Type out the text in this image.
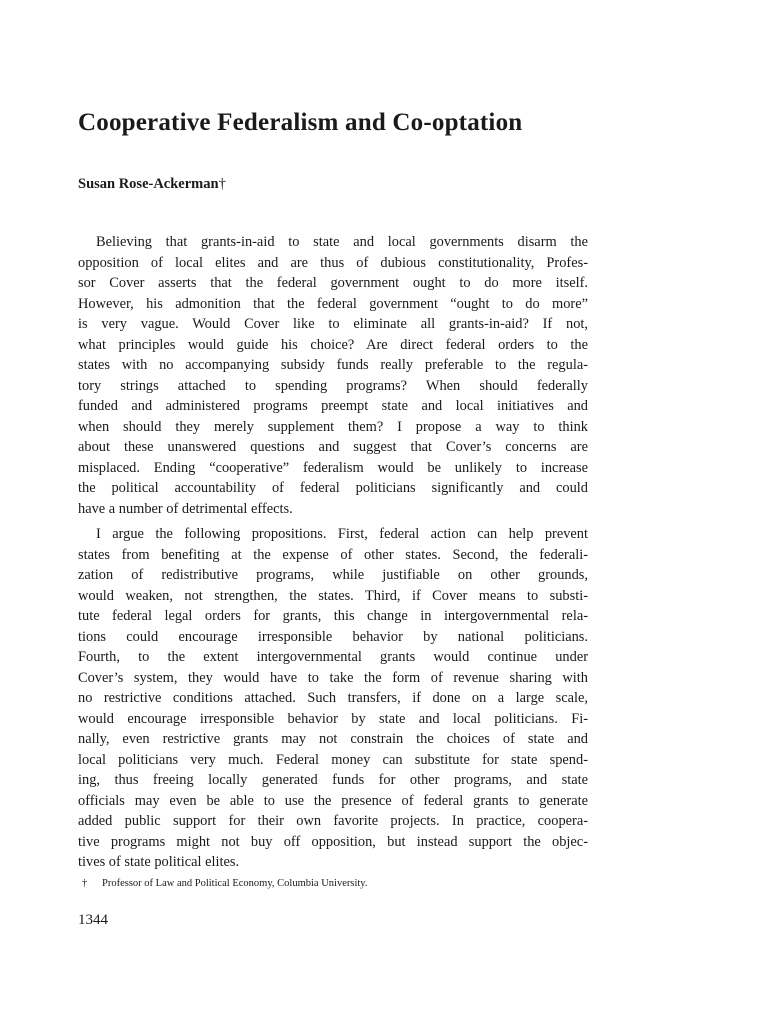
Cooperative Federalism and Co-optation

Susan Rose-Ackerman†

Believing that grants-in-aid to state and local governments disarm the
opposition of local elites and are thus of dubious constitutionality, Profes-
sor Cover asserts that the federal government ought to do more itself.
However, his admonition that the federal government “ought to do more”
is very vague. Would Cover like to eliminate all grants-in-aid? If not,
what principles would guide his choice? Are direct federal orders to the
states with no accompanying subsidy funds really preferable to the regula-
tory strings attached to spending programs? When should federally
funded and administered programs preempt state and local initiatives and
when should they merely supplement them? I propose a way to think
about these unanswered questions and suggest that Cover’s concerns are
misplaced. Ending “cooperative” federalism would be unlikely to increase
the political accountability of federal politicians significantly and could
have a number of detrimental effects.

I argue the following propositions. First, federal action can help prevent
states from benefiting at the expense of other states. Second, the federali-
zation of redistributive programs, while justifiable on other grounds,
would weaken, not strengthen, the states. Third, if Cover means to substi-
tute federal legal orders for grants, this change in intergovernmental rela-
tions could encourage irresponsible behavior by national politicians.
Fourth, to the extent intergovernmental grants would continue under
Cover’s system, they would have to take the form of revenue sharing with
no restrictive conditions attached. Such transfers, if done on a large scale,
would encourage irresponsible behavior by state and local politicians. Fi-
nally, even restrictive grants may not constrain the choices of state and
local politicians very much. Federal money can substitute for state spend-
ing, thus freeing locally generated funds for other programs, and state
officials may even be able to use the presence of federal grants to generate
added public support for their own favorite projects. In practice, coopera-
tive programs might not buy off opposition, but instead support the objec-
tives of state political elites.

† Professor of Law and Political Economy, Columbia University.

1344
